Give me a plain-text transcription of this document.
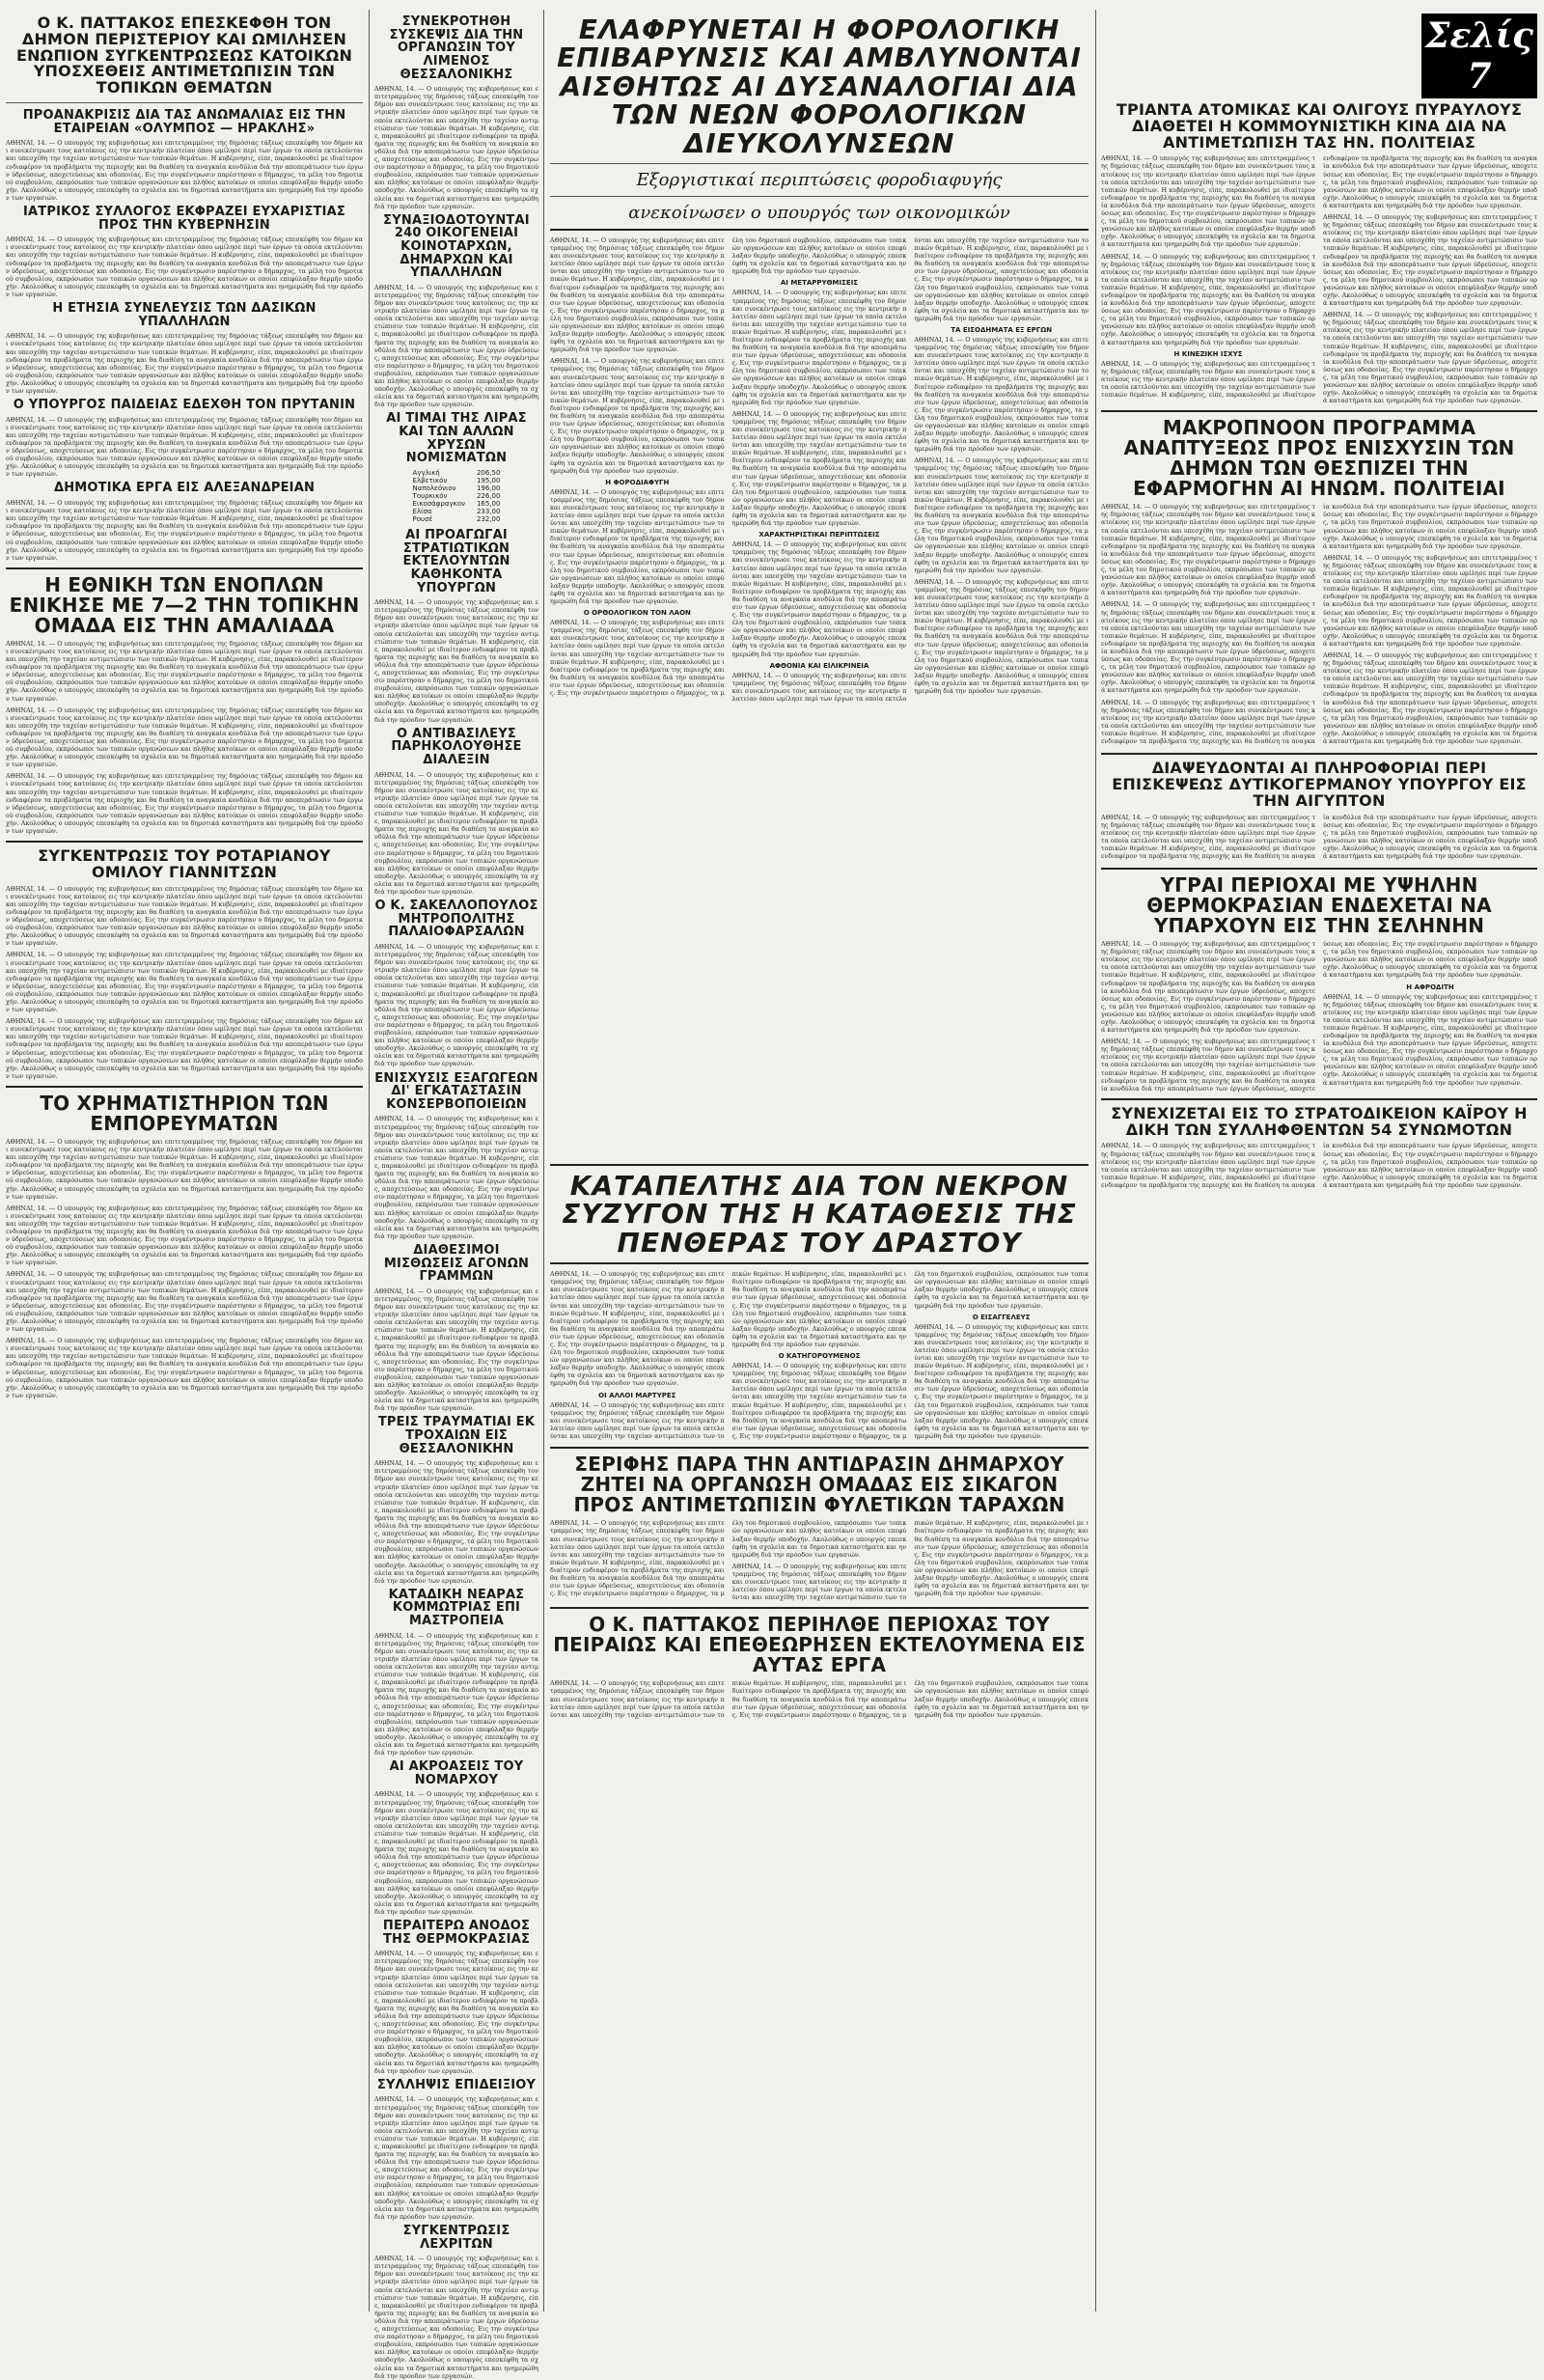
Ο Κ. ΠΑΤΤΑΚΟΣ ΕΠΕΣΚΕΦΘΗ ΤΟΝ ΔΗΜΟΝ ΠΕΡΙΣΤΕΡΙΟΥ ΚΑΙ ΩΜΙΛΗΣΕΝ ΕΝΩΠΙΟΝ ΣΥΓΚΕΝΤΡΩΣΕΩΣ ΚΑΤΟΙΚΩΝ ΥΠΟΣΧΕΘΕΙΣ ΑΝΤΙΜΕΤΩΠΙΣΙΝ ΤΩΝ ΤΟΠΙΚΩΝ ΘΕΜΑΤΩΝ
ΠΡΟΑΝΑΚΡΙΣΙΣ ΔΙΑ ΤΑΣ ΑΝΩΜΑΛΙΑΣ ΕΙΣ ΤΗΝ ΕΤΑΙΡΕΙΑΝ «ΟΛΥΜΠΟΣ — ΗΡΑΚΛΗΣ»

ΑΘΗΝΑΙ, 14. — Ο υπουργός της κυβερνήσεως και επιτετραμμένος της δημόσιας τάξεως επεσκέφθη τον δήμον και συνεκέντρωσε τους κατοίκους εις την κεντρικήν πλατείαν όπου ωμίλησε περί των έργων τα οποία εκτελούνται και υπεσχέθη την ταχείαν αντιμετώπισιν των τοπικών θεμάτων. Η κυβέρνησις, είπε, παρακολουθεί με ιδιαίτερον ενδιαφέρον τα προβλήματα της περιοχής και θα διαθέση τα αναγκαία κονδύλια διά την αποπεράτωσιν των έργων ύδρεύσεως, αποχετεύσεως και οδοποιίας. Εις την συγκέντρωσιν παρέστησαν ο δήμαρχος, τα μέλη του δημοτικού συμβουλίου, εκπρόσωποι των τοπικών οργανώσεων και πλήθος κατοίκων οι οποίοι επεφύλαξαν θερμήν υποδοχήν. Ακολούθως ο υπουργός επεσκέφθη τα σχολεία και τα δημοτικά καταστήματα και ηνημερώθη διά την πρόοδον των εργασιών.

ΙΑΤΡΙΚΟΣ ΣΥΛΛΟΓΟΣ ΕΚΦΡΑΖΕΙ ΕΥΧΑΡΙΣΤΙΑΣ ΠΡΟΣ ΤΗΝ ΚΥΒΕΡΝΗΣΙΝ

ΑΘΗΝΑΙ, 14. — Ο υπουργός της κυβερνήσεως και επιτετραμμένος της δημόσιας τάξεως επεσκέφθη τον δήμον και συνεκέντρωσε τους κατοίκους εις την κεντρικήν πλατείαν όπου ωμίλησε περί των έργων τα οποία εκτελούνται και υπεσχέθη την ταχείαν αντιμετώπισιν των τοπικών θεμάτων. Η κυβέρνησις, είπε, παρακολουθεί με ιδιαίτερον ενδιαφέρον τα προβλήματα της περιοχής και θα διαθέση τα αναγκαία κονδύλια διά την αποπεράτωσιν των έργων ύδρεύσεως, αποχετεύσεως και οδοποιίας. Εις την συγκέντρωσιν παρέστησαν ο δήμαρχος, τα μέλη του δημοτικού συμβουλίου, εκπρόσωποι των τοπικών οργανώσεων και πλήθος κατοίκων οι οποίοι επεφύλαξαν θερμήν υποδοχήν. Ακολούθως ο υπουργός επεσκέφθη τα σχολεία και τα δημοτικά καταστήματα και ηνημερώθη διά την πρόοδον των εργασιών.

Η ΕΤΗΣΙΑ ΣΥΝΕΛΕΥΣΙΣ ΤΩΝ ΔΑΣΙΚΩΝ ΥΠΑΛΛΗΛΩΝ

ΑΘΗΝΑΙ, 14. — Ο υπουργός της κυβερνήσεως και επιτετραμμένος της δημόσιας τάξεως επεσκέφθη τον δήμον και συνεκέντρωσε τους κατοίκους εις την κεντρικήν πλατείαν όπου ωμίλησε περί των έργων τα οποία εκτελούνται και υπεσχέθη την ταχείαν αντιμετώπισιν των τοπικών θεμάτων. Η κυβέρνησις, είπε, παρακολουθεί με ιδιαίτερον ενδιαφέρον τα προβλήματα της περιοχής και θα διαθέση τα αναγκαία κονδύλια διά την αποπεράτωσιν των έργων ύδρεύσεως, αποχετεύσεως και οδοποιίας. Εις την συγκέντρωσιν παρέστησαν ο δήμαρχος, τα μέλη του δημοτικού συμβουλίου, εκπρόσωποι των τοπικών οργανώσεων και πλήθος κατοίκων οι οποίοι επεφύλαξαν θερμήν υποδοχήν. Ακολούθως ο υπουργός επεσκέφθη τα σχολεία και τα δημοτικά καταστήματα και ηνημερώθη διά την πρόοδον των εργασιών.

Ο ΥΠΟΥΡΓΟΣ ΠΑΙΔΕΙΑΣ ΕΔΕΧΘΗ ΤΟΝ ΠΡΥΤΑΝΙΝ

ΑΘΗΝΑΙ, 14. — Ο υπουργός της κυβερνήσεως και επιτετραμμένος της δημόσιας τάξεως επεσκέφθη τον δήμον και συνεκέντρωσε τους κατοίκους εις την κεντρικήν πλατείαν όπου ωμίλησε περί των έργων τα οποία εκτελούνται και υπεσχέθη την ταχείαν αντιμετώπισιν των τοπικών θεμάτων. Η κυβέρνησις, είπε, παρακολουθεί με ιδιαίτερον ενδιαφέρον τα προβλήματα της περιοχής και θα διαθέση τα αναγκαία κονδύλια διά την αποπεράτωσιν των έργων ύδρεύσεως, αποχετεύσεως και οδοποιίας. Εις την συγκέντρωσιν παρέστησαν ο δήμαρχος, τα μέλη του δημοτικού συμβουλίου, εκπρόσωποι των τοπικών οργανώσεων και πλήθος κατοίκων οι οποίοι επεφύλαξαν θερμήν υποδοχήν. Ακολούθως ο υπουργός επεσκέφθη τα σχολεία και τα δημοτικά καταστήματα και ηνημερώθη διά την πρόοδον των εργασιών.

ΔΗΜΟΤΙΚΑ ΕΡΓΑ ΕΙΣ ΑΛΕΞΑΝΔΡΕΙΑΝ

ΑΘΗΝΑΙ, 14. — Ο υπουργός της κυβερνήσεως και επιτετραμμένος της δημόσιας τάξεως επεσκέφθη τον δήμον και συνεκέντρωσε τους κατοίκους εις την κεντρικήν πλατείαν όπου ωμίλησε περί των έργων τα οποία εκτελούνται και υπεσχέθη την ταχείαν αντιμετώπισιν των τοπικών θεμάτων. Η κυβέρνησις, είπε, παρακολουθεί με ιδιαίτερον ενδιαφέρον τα προβλήματα της περιοχής και θα διαθέση τα αναγκαία κονδύλια διά την αποπεράτωσιν των έργων ύδρεύσεως, αποχετεύσεως και οδοποιίας. Εις την συγκέντρωσιν παρέστησαν ο δήμαρχος, τα μέλη του δημοτικού συμβουλίου, εκπρόσωποι των τοπικών οργανώσεων και πλήθος κατοίκων οι οποίοι επεφύλαξαν θερμήν υποδοχήν. Ακολούθως ο υπουργός επεσκέφθη τα σχολεία και τα δημοτικά καταστήματα και ηνημερώθη διά την πρόοδον των εργασιών.

Η ΕΘΝΙΚΗ ΤΩΝ ΕΝΟΠΛΩΝ ΕΝΙΚΗΣΕ ΜΕ 7—2 ΤΗΝ ΤΟΠΙΚΗΝ ΟΜΑΔΑ ΕΙΣ ΤΗΝ ΑΜΑΛΙΑΔΑ

ΑΘΗΝΑΙ, 14. — Ο υπουργός της κυβερνήσεως και επιτετραμμένος της δημόσιας τάξεως επεσκέφθη τον δήμον και συνεκέντρωσε τους κατοίκους εις την κεντρικήν πλατείαν όπου ωμίλησε περί των έργων τα οποία εκτελούνται και υπεσχέθη την ταχείαν αντιμετώπισιν των τοπικών θεμάτων. Η κυβέρνησις, είπε, παρακολουθεί με ιδιαίτερον ενδιαφέρον τα προβλήματα της περιοχής και θα διαθέση τα αναγκαία κονδύλια διά την αποπεράτωσιν των έργων ύδρεύσεως, αποχετεύσεως και οδοποιίας. Εις την συγκέντρωσιν παρέστησαν ο δήμαρχος, τα μέλη του δημοτικού συμβουλίου, εκπρόσωποι των τοπικών οργανώσεων και πλήθος κατοίκων οι οποίοι επεφύλαξαν θερμήν υποδοχήν. Ακολούθως ο υπουργός επεσκέφθη τα σχολεία και τα δημοτικά καταστήματα και ηνημερώθη διά την πρόοδον των εργασιών.

ΑΘΗΝΑΙ, 14. — Ο υπουργός της κυβερνήσεως και επιτετραμμένος της δημόσιας τάξεως επεσκέφθη τον δήμον και συνεκέντρωσε τους κατοίκους εις την κεντρικήν πλατείαν όπου ωμίλησε περί των έργων τα οποία εκτελούνται και υπεσχέθη την ταχείαν αντιμετώπισιν των τοπικών θεμάτων. Η κυβέρνησις, είπε, παρακολουθεί με ιδιαίτερον ενδιαφέρον τα προβλήματα της περιοχής και θα διαθέση τα αναγκαία κονδύλια διά την αποπεράτωσιν των έργων ύδρεύσεως, αποχετεύσεως και οδοποιίας. Εις την συγκέντρωσιν παρέστησαν ο δήμαρχος, τα μέλη του δημοτικού συμβουλίου, εκπρόσωποι των τοπικών οργανώσεων και πλήθος κατοίκων οι οποίοι επεφύλαξαν θερμήν υποδοχήν. Ακολούθως ο υπουργός επεσκέφθη τα σχολεία και τα δημοτικά καταστήματα και ηνημερώθη διά την πρόοδον των εργασιών.

ΑΘΗΝΑΙ, 14. — Ο υπουργός της κυβερνήσεως και επιτετραμμένος της δημόσιας τάξεως επεσκέφθη τον δήμον και συνεκέντρωσε τους κατοίκους εις την κεντρικήν πλατείαν όπου ωμίλησε περί των έργων τα οποία εκτελούνται και υπεσχέθη την ταχείαν αντιμετώπισιν των τοπικών θεμάτων. Η κυβέρνησις, είπε, παρακολουθεί με ιδιαίτερον ενδιαφέρον τα προβλήματα της περιοχής και θα διαθέση τα αναγκαία κονδύλια διά την αποπεράτωσιν των έργων ύδρεύσεως, αποχετεύσεως και οδοποιίας. Εις την συγκέντρωσιν παρέστησαν ο δήμαρχος, τα μέλη του δημοτικού συμβουλίου, εκπρόσωποι των τοπικών οργανώσεων και πλήθος κατοίκων οι οποίοι επεφύλαξαν θερμήν υποδοχήν. Ακολούθως ο υπουργός επεσκέφθη τα σχολεία και τα δημοτικά καταστήματα και ηνημερώθη διά την πρόοδον των εργασιών.

ΣΥΓΚΕΝΤΡΩΣΙΣ ΤΟΥ ΡΟΤΑΡΙΑΝΟΥ ΟΜΙΛΟΥ ΓΙΑΝΝΙΤΣΩΝ

ΑΘΗΝΑΙ, 14. — Ο υπουργός της κυβερνήσεως και επιτετραμμένος της δημόσιας τάξεως επεσκέφθη τον δήμον και συνεκέντρωσε τους κατοίκους εις την κεντρικήν πλατείαν όπου ωμίλησε περί των έργων τα οποία εκτελούνται και υπεσχέθη την ταχείαν αντιμετώπισιν των τοπικών θεμάτων. Η κυβέρνησις, είπε, παρακολουθεί με ιδιαίτερον ενδιαφέρον τα προβλήματα της περιοχής και θα διαθέση τα αναγκαία κονδύλια διά την αποπεράτωσιν των έργων ύδρεύσεως, αποχετεύσεως και οδοποιίας. Εις την συγκέντρωσιν παρέστησαν ο δήμαρχος, τα μέλη του δημοτικού συμβουλίου, εκπρόσωποι των τοπικών οργανώσεων και πλήθος κατοίκων οι οποίοι επεφύλαξαν θερμήν υποδοχήν. Ακολούθως ο υπουργός επεσκέφθη τα σχολεία και τα δημοτικά καταστήματα και ηνημερώθη διά την πρόοδον των εργασιών.

ΑΘΗΝΑΙ, 14. — Ο υπουργός της κυβερνήσεως και επιτετραμμένος της δημόσιας τάξεως επεσκέφθη τον δήμον και συνεκέντρωσε τους κατοίκους εις την κεντρικήν πλατείαν όπου ωμίλησε περί των έργων τα οποία εκτελούνται και υπεσχέθη την ταχείαν αντιμετώπισιν των τοπικών θεμάτων. Η κυβέρνησις, είπε, παρακολουθεί με ιδιαίτερον ενδιαφέρον τα προβλήματα της περιοχής και θα διαθέση τα αναγκαία κονδύλια διά την αποπεράτωσιν των έργων ύδρεύσεως, αποχετεύσεως και οδοποιίας. Εις την συγκέντρωσιν παρέστησαν ο δήμαρχος, τα μέλη του δημοτικού συμβουλίου, εκπρόσωποι των τοπικών οργανώσεων και πλήθος κατοίκων οι οποίοι επεφύλαξαν θερμήν υποδοχήν. Ακολούθως ο υπουργός επεσκέφθη τα σχολεία και τα δημοτικά καταστήματα και ηνημερώθη διά την πρόοδον των εργασιών.

ΑΘΗΝΑΙ, 14. — Ο υπουργός της κυβερνήσεως και επιτετραμμένος της δημόσιας τάξεως επεσκέφθη τον δήμον και συνεκέντρωσε τους κατοίκους εις την κεντρικήν πλατείαν όπου ωμίλησε περί των έργων τα οποία εκτελούνται και υπεσχέθη την ταχείαν αντιμετώπισιν των τοπικών θεμάτων. Η κυβέρνησις, είπε, παρακολουθεί με ιδιαίτερον ενδιαφέρον τα προβλήματα της περιοχής και θα διαθέση τα αναγκαία κονδύλια διά την αποπεράτωσιν των έργων ύδρεύσεως, αποχετεύσεως και οδοποιίας. Εις την συγκέντρωσιν παρέστησαν ο δήμαρχος, τα μέλη του δημοτικού συμβουλίου, εκπρόσωποι των τοπικών οργανώσεων και πλήθος κατοίκων οι οποίοι επεφύλαξαν θερμήν υποδοχήν. Ακολούθως ο υπουργός επεσκέφθη τα σχολεία και τα δημοτικά καταστήματα και ηνημερώθη διά την πρόοδον των εργασιών.

ΤΟ ΧΡΗΜΑΤΙΣΤΗΡΙΟΝ ΤΩΝ ΕΜΠΟΡΕΥΜΑΤΩΝ

ΑΘΗΝΑΙ, 14. — Ο υπουργός της κυβερνήσεως και επιτετραμμένος της δημόσιας τάξεως επεσκέφθη τον δήμον και συνεκέντρωσε τους κατοίκους εις την κεντρικήν πλατείαν όπου ωμίλησε περί των έργων τα οποία εκτελούνται και υπεσχέθη την ταχείαν αντιμετώπισιν των τοπικών θεμάτων. Η κυβέρνησις, είπε, παρακολουθεί με ιδιαίτερον ενδιαφέρον τα προβλήματα της περιοχής και θα διαθέση τα αναγκαία κονδύλια διά την αποπεράτωσιν των έργων ύδρεύσεως, αποχετεύσεως και οδοποιίας. Εις την συγκέντρωσιν παρέστησαν ο δήμαρχος, τα μέλη του δημοτικού συμβουλίου, εκπρόσωποι των τοπικών οργανώσεων και πλήθος κατοίκων οι οποίοι επεφύλαξαν θερμήν υποδοχήν. Ακολούθως ο υπουργός επεσκέφθη τα σχολεία και τα δημοτικά καταστήματα και ηνημερώθη διά την πρόοδον των εργασιών.

ΑΘΗΝΑΙ, 14. — Ο υπουργός της κυβερνήσεως και επιτετραμμένος της δημόσιας τάξεως επεσκέφθη τον δήμον και συνεκέντρωσε τους κατοίκους εις την κεντρικήν πλατείαν όπου ωμίλησε περί των έργων τα οποία εκτελούνται και υπεσχέθη την ταχείαν αντιμετώπισιν των τοπικών θεμάτων. Η κυβέρνησις, είπε, παρακολουθεί με ιδιαίτερον ενδιαφέρον τα προβλήματα της περιοχής και θα διαθέση τα αναγκαία κονδύλια διά την αποπεράτωσιν των έργων ύδρεύσεως, αποχετεύσεως και οδοποιίας. Εις την συγκέντρωσιν παρέστησαν ο δήμαρχος, τα μέλη του δημοτικού συμβουλίου, εκπρόσωποι των τοπικών οργανώσεων και πλήθος κατοίκων οι οποίοι επεφύλαξαν θερμήν υποδοχήν. Ακολούθως ο υπουργός επεσκέφθη τα σχολεία και τα δημοτικά καταστήματα και ηνημερώθη διά την πρόοδον των εργασιών.

ΑΘΗΝΑΙ, 14. — Ο υπουργός της κυβερνήσεως και επιτετραμμένος της δημόσιας τάξεως επεσκέφθη τον δήμον και συνεκέντρωσε τους κατοίκους εις την κεντρικήν πλατείαν όπου ωμίλησε περί των έργων τα οποία εκτελούνται και υπεσχέθη την ταχείαν αντιμετώπισιν των τοπικών θεμάτων. Η κυβέρνησις, είπε, παρακολουθεί με ιδιαίτερον ενδιαφέρον τα προβλήματα της περιοχής και θα διαθέση τα αναγκαία κονδύλια διά την αποπεράτωσιν των έργων ύδρεύσεως, αποχετεύσεως και οδοποιίας. Εις την συγκέντρωσιν παρέστησαν ο δήμαρχος, τα μέλη του δημοτικού συμβουλίου, εκπρόσωποι των τοπικών οργανώσεων και πλήθος κατοίκων οι οποίοι επεφύλαξαν θερμήν υποδοχήν. Ακολούθως ο υπουργός επεσκέφθη τα σχολεία και τα δημοτικά καταστήματα και ηνημερώθη διά την πρόοδον των εργασιών.

ΑΘΗΝΑΙ, 14. — Ο υπουργός της κυβερνήσεως και επιτετραμμένος της δημόσιας τάξεως επεσκέφθη τον δήμον και συνεκέντρωσε τους κατοίκους εις την κεντρικήν πλατείαν όπου ωμίλησε περί των έργων τα οποία εκτελούνται και υπεσχέθη την ταχείαν αντιμετώπισιν των τοπικών θεμάτων. Η κυβέρνησις, είπε, παρακολουθεί με ιδιαίτερον ενδιαφέρον τα προβλήματα της περιοχής και θα διαθέση τα αναγκαία κονδύλια διά την αποπεράτωσιν των έργων ύδρεύσεως, αποχετεύσεως και οδοποιίας. Εις την συγκέντρωσιν παρέστησαν ο δήμαρχος, τα μέλη του δημοτικού συμβουλίου, εκπρόσωποι των τοπικών οργανώσεων και πλήθος κατοίκων οι οποίοι επεφύλαξαν θερμήν υποδοχήν. Ακολούθως ο υπουργός επεσκέφθη τα σχολεία και τα δημοτικά καταστήματα και ηνημερώθη διά την πρόοδον των εργασιών.

ΣΥΝΕΚΡΟΤΗΘΗ ΣΥΣΚΕΨΙΣ ΔΙΑ ΤΗΝ ΟΡΓΑΝΩΣΙΝ ΤΟΥ ΛΙΜΕΝΟΣ ΘΕΣΣΑΛΟΝΙΚΗΣ

ΑΘΗΝΑΙ, 14. — Ο υπουργός της κυβερνήσεως και επιτετραμμένος της δημόσιας τάξεως επεσκέφθη τον δήμον και συνεκέντρωσε τους κατοίκους εις την κεντρικήν πλατείαν όπου ωμίλησε περί των έργων τα οποία εκτελούνται και υπεσχέθη την ταχείαν αντιμετώπισιν των τοπικών θεμάτων. Η κυβέρνησις, είπε, παρακολουθεί με ιδιαίτερον ενδιαφέρον τα προβλήματα της περιοχής και θα διαθέση τα αναγκαία κονδύλια διά την αποπεράτωσιν των έργων ύδρεύσεως, αποχετεύσεως και οδοποιίας. Εις την συγκέντρωσιν παρέστησαν ο δήμαρχος, τα μέλη του δημοτικού συμβουλίου, εκπρόσωποι των τοπικών οργανώσεων και πλήθος κατοίκων οι οποίοι επεφύλαξαν θερμήν υποδοχήν. Ακολούθως ο υπουργός επεσκέφθη τα σχολεία και τα δημοτικά καταστήματα και ηνημερώθη διά την πρόοδον των εργασιών.

ΣΥΝΑΞΙΟΔΟΤΟΥΝΤΑΙ 240 ΟΙΚΟΓΕΝΕΙΑΙ ΚΟΙΝΟΤΑΡΧΩΝ, ΔΗΜΑΡΧΩΝ ΚΑΙ ΥΠΑΛΛΗΛΩΝ

ΑΘΗΝΑΙ, 14. — Ο υπουργός της κυβερνήσεως και επιτετραμμένος της δημόσιας τάξεως επεσκέφθη τον δήμον και συνεκέντρωσε τους κατοίκους εις την κεντρικήν πλατείαν όπου ωμίλησε περί των έργων τα οποία εκτελούνται και υπεσχέθη την ταχείαν αντιμετώπισιν των τοπικών θεμάτων. Η κυβέρνησις, είπε, παρακολουθεί με ιδιαίτερον ενδιαφέρον τα προβλήματα της περιοχής και θα διαθέση τα αναγκαία κονδύλια διά την αποπεράτωσιν των έργων ύδρεύσεως, αποχετεύσεως και οδοποιίας. Εις την συγκέντρωσιν παρέστησαν ο δήμαρχος, τα μέλη του δημοτικού συμβουλίου, εκπρόσωποι των τοπικών οργανώσεων και πλήθος κατοίκων οι οποίοι επεφύλαξαν θερμήν υποδοχήν. Ακολούθως ο υπουργός επεσκέφθη τα σχολεία και τα δημοτικά καταστήματα και ηνημερώθη διά την πρόοδον των εργασιών.

ΑΙ ΤΙΜΑΙ ΤΗΣ ΛΙΡΑΣ ΚΑΙ ΤΩΝ ΑΛΛΩΝ ΧΡΥΣΩΝ ΝΟΜΙΣΜΑΤΩΝ
Αγγλική	206,50
Ελβετικόν	195,00
Ναπολεόνιον	196,00
Τουρκικόν	226,00
Εικοσάφραγκον	165,00
Ελίσα	233,00
Ρουσέ	232,00
ΑΙ ΠΡΟΑΓΩΓΑΙ ΣΤΡΑΤΙΩΤΙΚΩΝ ΕΚΤΕΛΟΥΝΤΩΝ ΚΑΘΗΚΟΝΤΑ ΥΠΟΥΡΓΩΝ

ΑΘΗΝΑΙ, 14. — Ο υπουργός της κυβερνήσεως και επιτετραμμένος της δημόσιας τάξεως επεσκέφθη τον δήμον και συνεκέντρωσε τους κατοίκους εις την κεντρικήν πλατείαν όπου ωμίλησε περί των έργων τα οποία εκτελούνται και υπεσχέθη την ταχείαν αντιμετώπισιν των τοπικών θεμάτων. Η κυβέρνησις, είπε, παρακολουθεί με ιδιαίτερον ενδιαφέρον τα προβλήματα της περιοχής και θα διαθέση τα αναγκαία κονδύλια διά την αποπεράτωσιν των έργων ύδρεύσεως, αποχετεύσεως και οδοποιίας. Εις την συγκέντρωσιν παρέστησαν ο δήμαρχος, τα μέλη του δημοτικού συμβουλίου, εκπρόσωποι των τοπικών οργανώσεων και πλήθος κατοίκων οι οποίοι επεφύλαξαν θερμήν υποδοχήν. Ακολούθως ο υπουργός επεσκέφθη τα σχολεία και τα δημοτικά καταστήματα και ηνημερώθη διά την πρόοδον των εργασιών.

Ο ΑΝΤΙΒΑΣΙΛΕΥΣ ΠΑΡΗΚΟΛΟΥΘΗΣΕ ΔΙΑΛΕΞΙΝ

ΑΘΗΝΑΙ, 14. — Ο υπουργός της κυβερνήσεως και επιτετραμμένος της δημόσιας τάξεως επεσκέφθη τον δήμον και συνεκέντρωσε τους κατοίκους εις την κεντρικήν πλατείαν όπου ωμίλησε περί των έργων τα οποία εκτελούνται και υπεσχέθη την ταχείαν αντιμετώπισιν των τοπικών θεμάτων. Η κυβέρνησις, είπε, παρακολουθεί με ιδιαίτερον ενδιαφέρον τα προβλήματα της περιοχής και θα διαθέση τα αναγκαία κονδύλια διά την αποπεράτωσιν των έργων ύδρεύσεως, αποχετεύσεως και οδοποιίας. Εις την συγκέντρωσιν παρέστησαν ο δήμαρχος, τα μέλη του δημοτικού συμβουλίου, εκπρόσωποι των τοπικών οργανώσεων και πλήθος κατοίκων οι οποίοι επεφύλαξαν θερμήν υποδοχήν. Ακολούθως ο υπουργός επεσκέφθη τα σχολεία και τα δημοτικά καταστήματα και ηνημερώθη διά την πρόοδον των εργασιών.

Ο Κ. ΣΑΚΕΛΛΟΠΟΥΛΟΣ ΜΗΤΡΟΠΟΛΙΤΗΣ ΠΑΛΑΙΟΦΑΡΣΑΛΩΝ

ΑΘΗΝΑΙ, 14. — Ο υπουργός της κυβερνήσεως και επιτετραμμένος της δημόσιας τάξεως επεσκέφθη τον δήμον και συνεκέντρωσε τους κατοίκους εις την κεντρικήν πλατείαν όπου ωμίλησε περί των έργων τα οποία εκτελούνται και υπεσχέθη την ταχείαν αντιμετώπισιν των τοπικών θεμάτων. Η κυβέρνησις, είπε, παρακολουθεί με ιδιαίτερον ενδιαφέρον τα προβλήματα της περιοχής και θα διαθέση τα αναγκαία κονδύλια διά την αποπεράτωσιν των έργων ύδρεύσεως, αποχετεύσεως και οδοποιίας. Εις την συγκέντρωσιν παρέστησαν ο δήμαρχος, τα μέλη του δημοτικού συμβουλίου, εκπρόσωποι των τοπικών οργανώσεων και πλήθος κατοίκων οι οποίοι επεφύλαξαν θερμήν υποδοχήν. Ακολούθως ο υπουργός επεσκέφθη τα σχολεία και τα δημοτικά καταστήματα και ηνημερώθη διά την πρόοδον των εργασιών.

ΕΝΙΣΧΥΣΙΣ ΕΞΑΓΩΓΕΩΝ ΔΙ' ΕΓΚΑΤΑΣΤΑΣΙΝ ΚΟΝΣΕΡΒΟΠΟΙΕΙΩΝ

ΑΘΗΝΑΙ, 14. — Ο υπουργός της κυβερνήσεως και επιτετραμμένος της δημόσιας τάξεως επεσκέφθη τον δήμον και συνεκέντρωσε τους κατοίκους εις την κεντρικήν πλατείαν όπου ωμίλησε περί των έργων τα οποία εκτελούνται και υπεσχέθη την ταχείαν αντιμετώπισιν των τοπικών θεμάτων. Η κυβέρνησις, είπε, παρακολουθεί με ιδιαίτερον ενδιαφέρον τα προβλήματα της περιοχής και θα διαθέση τα αναγκαία κονδύλια διά την αποπεράτωσιν των έργων ύδρεύσεως, αποχετεύσεως και οδοποιίας. Εις την συγκέντρωσιν παρέστησαν ο δήμαρχος, τα μέλη του δημοτικού συμβουλίου, εκπρόσωποι των τοπικών οργανώσεων και πλήθος κατοίκων οι οποίοι επεφύλαξαν θερμήν υποδοχήν. Ακολούθως ο υπουργός επεσκέφθη τα σχολεία και τα δημοτικά καταστήματα και ηνημερώθη διά την πρόοδον των εργασιών.

ΔΙΑΘΕΣΙΜΟΙ ΜΙΣΘΩΣΕΙΣ ΑΓΟΝΩΝ ΓΡΑΜΜΩΝ

ΑΘΗΝΑΙ, 14. — Ο υπουργός της κυβερνήσεως και επιτετραμμένος της δημόσιας τάξεως επεσκέφθη τον δήμον και συνεκέντρωσε τους κατοίκους εις την κεντρικήν πλατείαν όπου ωμίλησε περί των έργων τα οποία εκτελούνται και υπεσχέθη την ταχείαν αντιμετώπισιν των τοπικών θεμάτων. Η κυβέρνησις, είπε, παρακολουθεί με ιδιαίτερον ενδιαφέρον τα προβλήματα της περιοχής και θα διαθέση τα αναγκαία κονδύλια διά την αποπεράτωσιν των έργων ύδρεύσεως, αποχετεύσεως και οδοποιίας. Εις την συγκέντρωσιν παρέστησαν ο δήμαρχος, τα μέλη του δημοτικού συμβουλίου, εκπρόσωποι των τοπικών οργανώσεων και πλήθος κατοίκων οι οποίοι επεφύλαξαν θερμήν υποδοχήν. Ακολούθως ο υπουργός επεσκέφθη τα σχολεία και τα δημοτικά καταστήματα και ηνημερώθη διά την πρόοδον των εργασιών.

ΤΡΕΙΣ ΤΡΑΥΜΑΤΙΑΙ ΕΚ ΤΡΟΧΑΙΩΝ ΕΙΣ ΘΕΣΣΑΛΟΝΙΚΗΝ

ΑΘΗΝΑΙ, 14. — Ο υπουργός της κυβερνήσεως και επιτετραμμένος της δημόσιας τάξεως επεσκέφθη τον δήμον και συνεκέντρωσε τους κατοίκους εις την κεντρικήν πλατείαν όπου ωμίλησε περί των έργων τα οποία εκτελούνται και υπεσχέθη την ταχείαν αντιμετώπισιν των τοπικών θεμάτων. Η κυβέρνησις, είπε, παρακολουθεί με ιδιαίτερον ενδιαφέρον τα προβλήματα της περιοχής και θα διαθέση τα αναγκαία κονδύλια διά την αποπεράτωσιν των έργων ύδρεύσεως, αποχετεύσεως και οδοποιίας. Εις την συγκέντρωσιν παρέστησαν ο δήμαρχος, τα μέλη του δημοτικού συμβουλίου, εκπρόσωποι των τοπικών οργανώσεων και πλήθος κατοίκων οι οποίοι επεφύλαξαν θερμήν υποδοχήν. Ακολούθως ο υπουργός επεσκέφθη τα σχολεία και τα δημοτικά καταστήματα και ηνημερώθη διά την πρόοδον των εργασιών.

ΚΑΤΑΔΙΚΗ ΝΕΑΡΑΣ ΚΟΜΜΩΤΡΙΑΣ ΕΠΙ ΜΑΣΤΡΟΠΕΙΑ

ΑΘΗΝΑΙ, 14. — Ο υπουργός της κυβερνήσεως και επιτετραμμένος της δημόσιας τάξεως επεσκέφθη τον δήμον και συνεκέντρωσε τους κατοίκους εις την κεντρικήν πλατείαν όπου ωμίλησε περί των έργων τα οποία εκτελούνται και υπεσχέθη την ταχείαν αντιμετώπισιν των τοπικών θεμάτων. Η κυβέρνησις, είπε, παρακολουθεί με ιδιαίτερον ενδιαφέρον τα προβλήματα της περιοχής και θα διαθέση τα αναγκαία κονδύλια διά την αποπεράτωσιν των έργων ύδρεύσεως, αποχετεύσεως και οδοποιίας. Εις την συγκέντρωσιν παρέστησαν ο δήμαρχος, τα μέλη του δημοτικού συμβουλίου, εκπρόσωποι των τοπικών οργανώσεων και πλήθος κατοίκων οι οποίοι επεφύλαξαν θερμήν υποδοχήν. Ακολούθως ο υπουργός επεσκέφθη τα σχολεία και τα δημοτικά καταστήματα και ηνημερώθη διά την πρόοδον των εργασιών.

ΑΙ ΑΚΡΟΑΣΕΙΣ ΤΟΥ ΝΟΜΑΡΧΟΥ

ΑΘΗΝΑΙ, 14. — Ο υπουργός της κυβερνήσεως και επιτετραμμένος της δημόσιας τάξεως επεσκέφθη τον δήμον και συνεκέντρωσε τους κατοίκους εις την κεντρικήν πλατείαν όπου ωμίλησε περί των έργων τα οποία εκτελούνται και υπεσχέθη την ταχείαν αντιμετώπισιν των τοπικών θεμάτων. Η κυβέρνησις, είπε, παρακολουθεί με ιδιαίτερον ενδιαφέρον τα προβλήματα της περιοχής και θα διαθέση τα αναγκαία κονδύλια διά την αποπεράτωσιν των έργων ύδρεύσεως, αποχετεύσεως και οδοποιίας. Εις την συγκέντρωσιν παρέστησαν ο δήμαρχος, τα μέλη του δημοτικού συμβουλίου, εκπρόσωποι των τοπικών οργανώσεων και πλήθος κατοίκων οι οποίοι επεφύλαξαν θερμήν υποδοχήν. Ακολούθως ο υπουργός επεσκέφθη τα σχολεία και τα δημοτικά καταστήματα και ηνημερώθη διά την πρόοδον των εργασιών.

ΠΕΡΑΙΤΕΡΩ ΑΝΟΔΟΣ ΤΗΣ ΘΕΡΜΟΚΡΑΣΙΑΣ

ΑΘΗΝΑΙ, 14. — Ο υπουργός της κυβερνήσεως και επιτετραμμένος της δημόσιας τάξεως επεσκέφθη τον δήμον και συνεκέντρωσε τους κατοίκους εις την κεντρικήν πλατείαν όπου ωμίλησε περί των έργων τα οποία εκτελούνται και υπεσχέθη την ταχείαν αντιμετώπισιν των τοπικών θεμάτων. Η κυβέρνησις, είπε, παρακολουθεί με ιδιαίτερον ενδιαφέρον τα προβλήματα της περιοχής και θα διαθέση τα αναγκαία κονδύλια διά την αποπεράτωσιν των έργων ύδρεύσεως, αποχετεύσεως και οδοποιίας. Εις την συγκέντρωσιν παρέστησαν ο δήμαρχος, τα μέλη του δημοτικού συμβουλίου, εκπρόσωποι των τοπικών οργανώσεων και πλήθος κατοίκων οι οποίοι επεφύλαξαν θερμήν υποδοχήν. Ακολούθως ο υπουργός επεσκέφθη τα σχολεία και τα δημοτικά καταστήματα και ηνημερώθη διά την πρόοδον των εργασιών.

ΣΥΛΛΗΨΙΣ ΕΠΙΔΕΙΞΙΟΥ

ΑΘΗΝΑΙ, 14. — Ο υπουργός της κυβερνήσεως και επιτετραμμένος της δημόσιας τάξεως επεσκέφθη τον δήμον και συνεκέντρωσε τους κατοίκους εις την κεντρικήν πλατείαν όπου ωμίλησε περί των έργων τα οποία εκτελούνται και υπεσχέθη την ταχείαν αντιμετώπισιν των τοπικών θεμάτων. Η κυβέρνησις, είπε, παρακολουθεί με ιδιαίτερον ενδιαφέρον τα προβλήματα της περιοχής και θα διαθέση τα αναγκαία κονδύλια διά την αποπεράτωσιν των έργων ύδρεύσεως, αποχετεύσεως και οδοποιίας. Εις την συγκέντρωσιν παρέστησαν ο δήμαρχος, τα μέλη του δημοτικού συμβουλίου, εκπρόσωποι των τοπικών οργανώσεων και πλήθος κατοίκων οι οποίοι επεφύλαξαν θερμήν υποδοχήν. Ακολούθως ο υπουργός επεσκέφθη τα σχολεία και τα δημοτικά καταστήματα και ηνημερώθη διά την πρόοδον των εργασιών.

ΣΥΓΚΕΝΤΡΩΣΙΣ ΛΕΧΡΙΤΩΝ

ΑΘΗΝΑΙ, 14. — Ο υπουργός της κυβερνήσεως και επιτετραμμένος της δημόσιας τάξεως επεσκέφθη τον δήμον και συνεκέντρωσε τους κατοίκους εις την κεντρικήν πλατείαν όπου ωμίλησε περί των έργων τα οποία εκτελούνται και υπεσχέθη την ταχείαν αντιμετώπισιν των τοπικών θεμάτων. Η κυβέρνησις, είπε, παρακολουθεί με ιδιαίτερον ενδιαφέρον τα προβλήματα της περιοχής και θα διαθέση τα αναγκαία κονδύλια διά την αποπεράτωσιν των έργων ύδρεύσεως, αποχετεύσεως και οδοποιίας. Εις την συγκέντρωσιν παρέστησαν ο δήμαρχος, τα μέλη του δημοτικού συμβουλίου, εκπρόσωποι των τοπικών οργανώσεων και πλήθος κατοίκων οι οποίοι επεφύλαξαν θερμήν υποδοχήν. Ακολούθως ο υπουργός επεσκέφθη τα σχολεία και τα δημοτικά καταστήματα και ηνημερώθη διά την πρόοδον των εργασιών.

ΕΛΑΦΡΥΝΕΤΑΙ Η ΦΟΡΟΛΟΓΙΚΗ ΕΠΙΒΑΡΥΝΣΙΣ ΚΑΙ ΑΜΒΛΥΝΟΝΤΑΙ ΑΙΣΘΗΤΩΣ ΑΙ ΔΥΣΑΝΑΛΟΓΙΑΙ ΔΙΑ ΤΩΝ ΝΕΩΝ ΦΟΡΟΛΟΓΙΚΩΝ ΔΙΕΥΚΟΛΥΝΣΕΩΝ
Εξοργιστικαί περιπτώσεις φοροδιαφυγής
ανεκοίνωσεν ο υπουργός των οικονομικών

ΑΘΗΝΑΙ, 14. — Ο υπουργός της κυβερνήσεως και επιτετραμμένος της δημόσιας τάξεως επεσκέφθη τον δήμον και συνεκέντρωσε τους κατοίκους εις την κεντρικήν πλατείαν όπου ωμίλησε περί των έργων τα οποία εκτελούνται και υπεσχέθη την ταχείαν αντιμετώπισιν των τοπικών θεμάτων. Η κυβέρνησις, είπε, παρακολουθεί με ιδιαίτερον ενδιαφέρον τα προβλήματα της περιοχής και θα διαθέση τα αναγκαία κονδύλια διά την αποπεράτωσιν των έργων ύδρεύσεως, αποχετεύσεως και οδοποιίας. Εις την συγκέντρωσιν παρέστησαν ο δήμαρχος, τα μέλη του δημοτικού συμβουλίου, εκπρόσωποι των τοπικών οργανώσεων και πλήθος κατοίκων οι οποίοι επεφύλαξαν θερμήν υποδοχήν. Ακολούθως ο υπουργός επεσκέφθη τα σχολεία και τα δημοτικά καταστήματα και ηνημερώθη διά την πρόοδον των εργασιών.

ΑΘΗΝΑΙ, 14. — Ο υπουργός της κυβερνήσεως και επιτετραμμένος της δημόσιας τάξεως επεσκέφθη τον δήμον και συνεκέντρωσε τους κατοίκους εις την κεντρικήν πλατείαν όπου ωμίλησε περί των έργων τα οποία εκτελούνται και υπεσχέθη την ταχείαν αντιμετώπισιν των τοπικών θεμάτων. Η κυβέρνησις, είπε, παρακολουθεί με ιδιαίτερον ενδιαφέρον τα προβλήματα της περιοχής και θα διαθέση τα αναγκαία κονδύλια διά την αποπεράτωσιν των έργων ύδρεύσεως, αποχετεύσεως και οδοποιίας. Εις την συγκέντρωσιν παρέστησαν ο δήμαρχος, τα μέλη του δημοτικού συμβουλίου, εκπρόσωποι των τοπικών οργανώσεων και πλήθος κατοίκων οι οποίοι επεφύλαξαν θερμήν υποδοχήν. Ακολούθως ο υπουργός επεσκέφθη τα σχολεία και τα δημοτικά καταστήματα και ηνημερώθη διά την πρόοδον των εργασιών.

Η ΦΟΡΟΔΙΑΦΥΓΗ

ΑΘΗΝΑΙ, 14. — Ο υπουργός της κυβερνήσεως και επιτετραμμένος της δημόσιας τάξεως επεσκέφθη τον δήμον και συνεκέντρωσε τους κατοίκους εις την κεντρικήν πλατείαν όπου ωμίλησε περί των έργων τα οποία εκτελούνται και υπεσχέθη την ταχείαν αντιμετώπισιν των τοπικών θεμάτων. Η κυβέρνησις, είπε, παρακολουθεί με ιδιαίτερον ενδιαφέρον τα προβλήματα της περιοχής και θα διαθέση τα αναγκαία κονδύλια διά την αποπεράτωσιν των έργων ύδρεύσεως, αποχετεύσεως και οδοποιίας. Εις την συγκέντρωσιν παρέστησαν ο δήμαρχος, τα μέλη του δημοτικού συμβουλίου, εκπρόσωποι των τοπικών οργανώσεων και πλήθος κατοίκων οι οποίοι επεφύλαξαν θερμήν υποδοχήν. Ακολούθως ο υπουργός επεσκέφθη τα σχολεία και τα δημοτικά καταστήματα και ηνημερώθη διά την πρόοδον των εργασιών.

Ο ΟΡΘΟΛΟΓΙΚΟΝ ΤΟΝ ΛΑΟΝ

ΑΘΗΝΑΙ, 14. — Ο υπουργός της κυβερνήσεως και επιτετραμμένος της δημόσιας τάξεως επεσκέφθη τον δήμον και συνεκέντρωσε τους κατοίκους εις την κεντρικήν πλατείαν όπου ωμίλησε περί των έργων τα οποία εκτελούνται και υπεσχέθη την ταχείαν αντιμετώπισιν των τοπικών θεμάτων. Η κυβέρνησις, είπε, παρακολουθεί με ιδιαίτερον ενδιαφέρον τα προβλήματα της περιοχής και θα διαθέση τα αναγκαία κονδύλια διά την αποπεράτωσιν των έργων ύδρεύσεως, αποχετεύσεως και οδοποιίας. Εις την συγκέντρωσιν παρέστησαν ο δήμαρχος, τα μέλη του δημοτικού συμβουλίου, εκπρόσωποι των τοπικών οργανώσεων και πλήθος κατοίκων οι οποίοι επεφύλαξαν θερμήν υποδοχήν. Ακολούθως ο υπουργός επεσκέφθη τα σχολεία και τα δημοτικά καταστήματα και ηνημερώθη διά την πρόοδον των εργασιών.

ΑΙ ΜΕΤΑΡΡΥΘΜΙΣΕΙΣ

ΑΘΗΝΑΙ, 14. — Ο υπουργός της κυβερνήσεως και επιτετραμμένος της δημόσιας τάξεως επεσκέφθη τον δήμον και συνεκέντρωσε τους κατοίκους εις την κεντρικήν πλατείαν όπου ωμίλησε περί των έργων τα οποία εκτελούνται και υπεσχέθη την ταχείαν αντιμετώπισιν των τοπικών θεμάτων. Η κυβέρνησις, είπε, παρακολουθεί με ιδιαίτερον ενδιαφέρον τα προβλήματα της περιοχής και θα διαθέση τα αναγκαία κονδύλια διά την αποπεράτωσιν των έργων ύδρεύσεως, αποχετεύσεως και οδοποιίας. Εις την συγκέντρωσιν παρέστησαν ο δήμαρχος, τα μέλη του δημοτικού συμβουλίου, εκπρόσωποι των τοπικών οργανώσεων και πλήθος κατοίκων οι οποίοι επεφύλαξαν θερμήν υποδοχήν. Ακολούθως ο υπουργός επεσκέφθη τα σχολεία και τα δημοτικά καταστήματα και ηνημερώθη διά την πρόοδον των εργασιών.

ΑΘΗΝΑΙ, 14. — Ο υπουργός της κυβερνήσεως και επιτετραμμένος της δημόσιας τάξεως επεσκέφθη τον δήμον και συνεκέντρωσε τους κατοίκους εις την κεντρικήν πλατείαν όπου ωμίλησε περί των έργων τα οποία εκτελούνται και υπεσχέθη την ταχείαν αντιμετώπισιν των τοπικών θεμάτων. Η κυβέρνησις, είπε, παρακολουθεί με ιδιαίτερον ενδιαφέρον τα προβλήματα της περιοχής και θα διαθέση τα αναγκαία κονδύλια διά την αποπεράτωσιν των έργων ύδρεύσεως, αποχετεύσεως και οδοποιίας. Εις την συγκέντρωσιν παρέστησαν ο δήμαρχος, τα μέλη του δημοτικού συμβουλίου, εκπρόσωποι των τοπικών οργανώσεων και πλήθος κατοίκων οι οποίοι επεφύλαξαν θερμήν υποδοχήν. Ακολούθως ο υπουργός επεσκέφθη τα σχολεία και τα δημοτικά καταστήματα και ηνημερώθη διά την πρόοδον των εργασιών.

ΧΑΡΑΚΤΗΡΙΣΤΙΚΑΙ ΠΕΡΙΠΤΩΣΕΙΣ

ΑΘΗΝΑΙ, 14. — Ο υπουργός της κυβερνήσεως και επιτετραμμένος της δημόσιας τάξεως επεσκέφθη τον δήμον και συνεκέντρωσε τους κατοίκους εις την κεντρικήν πλατείαν όπου ωμίλησε περί των έργων τα οποία εκτελούνται και υπεσχέθη την ταχείαν αντιμετώπισιν των τοπικών θεμάτων. Η κυβέρνησις, είπε, παρακολουθεί με ιδιαίτερον ενδιαφέρον τα προβλήματα της περιοχής και θα διαθέση τα αναγκαία κονδύλια διά την αποπεράτωσιν των έργων ύδρεύσεως, αποχετεύσεως και οδοποιίας. Εις την συγκέντρωσιν παρέστησαν ο δήμαρχος, τα μέλη του δημοτικού συμβουλίου, εκπρόσωποι των τοπικών οργανώσεων και πλήθος κατοίκων οι οποίοι επεφύλαξαν θερμήν υποδοχήν. Ακολούθως ο υπουργός επεσκέφθη τα σχολεία και τα δημοτικά καταστήματα και ηνημερώθη διά την πρόοδον των εργασιών.

ΑΦΘΟΝΙΑ ΚΑΙ ΕΙΛΙΚΡΙΝΕΙΑ

ΑΘΗΝΑΙ, 14. — Ο υπουργός της κυβερνήσεως και επιτετραμμένος της δημόσιας τάξεως επεσκέφθη τον δήμον και συνεκέντρωσε τους κατοίκους εις την κεντρικήν πλατείαν όπου ωμίλησε περί των έργων τα οποία εκτελούνται και υπεσχέθη την ταχείαν αντιμετώπισιν των τοπικών θεμάτων. Η κυβέρνησις, είπε, παρακολουθεί με ιδιαίτερον ενδιαφέρον τα προβλήματα της περιοχής και θα διαθέση τα αναγκαία κονδύλια διά την αποπεράτωσιν των έργων ύδρεύσεως, αποχετεύσεως και οδοποιίας. Εις την συγκέντρωσιν παρέστησαν ο δήμαρχος, τα μέλη του δημοτικού συμβουλίου, εκπρόσωποι των τοπικών οργανώσεων και πλήθος κατοίκων οι οποίοι επεφύλαξαν θερμήν υποδοχήν. Ακολούθως ο υπουργός επεσκέφθη τα σχολεία και τα δημοτικά καταστήματα και ηνημερώθη διά την πρόοδον των εργασιών.

ΤΑ ΕΙΣΟΔΗΜΑΤΑ ΕΞ ΕΡΓΩΝ

ΑΘΗΝΑΙ, 14. — Ο υπουργός της κυβερνήσεως και επιτετραμμένος της δημόσιας τάξεως επεσκέφθη τον δήμον και συνεκέντρωσε τους κατοίκους εις την κεντρικήν πλατείαν όπου ωμίλησε περί των έργων τα οποία εκτελούνται και υπεσχέθη την ταχείαν αντιμετώπισιν των τοπικών θεμάτων. Η κυβέρνησις, είπε, παρακολουθεί με ιδιαίτερον ενδιαφέρον τα προβλήματα της περιοχής και θα διαθέση τα αναγκαία κονδύλια διά την αποπεράτωσιν των έργων ύδρεύσεως, αποχετεύσεως και οδοποιίας. Εις την συγκέντρωσιν παρέστησαν ο δήμαρχος, τα μέλη του δημοτικού συμβουλίου, εκπρόσωποι των τοπικών οργανώσεων και πλήθος κατοίκων οι οποίοι επεφύλαξαν θερμήν υποδοχήν. Ακολούθως ο υπουργός επεσκέφθη τα σχολεία και τα δημοτικά καταστήματα και ηνημερώθη διά την πρόοδον των εργασιών.

ΑΘΗΝΑΙ, 14. — Ο υπουργός της κυβερνήσεως και επιτετραμμένος της δημόσιας τάξεως επεσκέφθη τον δήμον και συνεκέντρωσε τους κατοίκους εις την κεντρικήν πλατείαν όπου ωμίλησε περί των έργων τα οποία εκτελούνται και υπεσχέθη την ταχείαν αντιμετώπισιν των τοπικών θεμάτων. Η κυβέρνησις, είπε, παρακολουθεί με ιδιαίτερον ενδιαφέρον τα προβλήματα της περιοχής και θα διαθέση τα αναγκαία κονδύλια διά την αποπεράτωσιν των έργων ύδρεύσεως, αποχετεύσεως και οδοποιίας. Εις την συγκέντρωσιν παρέστησαν ο δήμαρχος, τα μέλη του δημοτικού συμβουλίου, εκπρόσωποι των τοπικών οργανώσεων και πλήθος κατοίκων οι οποίοι επεφύλαξαν θερμήν υποδοχήν. Ακολούθως ο υπουργός επεσκέφθη τα σχολεία και τα δημοτικά καταστήματα και ηνημερώθη διά την πρόοδον των εργασιών.

ΑΘΗΝΑΙ, 14. — Ο υπουργός της κυβερνήσεως και επιτετραμμένος της δημόσιας τάξεως επεσκέφθη τον δήμον και συνεκέντρωσε τους κατοίκους εις την κεντρικήν πλατείαν όπου ωμίλησε περί των έργων τα οποία εκτελούνται και υπεσχέθη την ταχείαν αντιμετώπισιν των τοπικών θεμάτων. Η κυβέρνησις, είπε, παρακολουθεί με ιδιαίτερον ενδιαφέρον τα προβλήματα της περιοχής και θα διαθέση τα αναγκαία κονδύλια διά την αποπεράτωσιν των έργων ύδρεύσεως, αποχετεύσεως και οδοποιίας. Εις την συγκέντρωσιν παρέστησαν ο δήμαρχος, τα μέλη του δημοτικού συμβουλίου, εκπρόσωποι των τοπικών οργανώσεων και πλήθος κατοίκων οι οποίοι επεφύλαξαν θερμήν υποδοχήν. Ακολούθως ο υπουργός επεσκέφθη τα σχολεία και τα δημοτικά καταστήματα και ηνημερώθη διά την πρόοδον των εργασιών.

ΚΑΤΑΠΕΛΤΗΣ ΔΙΑ ΤΟΝ ΝΕΚΡΟΝ ΣΥΖΥΓΟΝ ΤΗΣ Η ΚΑΤΑΘΕΣΙΣ ΤΗΣ ΠΕΝΘΕΡΑΣ ΤΟΥ ΔΡΑΣΤΟΥ

ΑΘΗΝΑΙ, 14. — Ο υπουργός της κυβερνήσεως και επιτετραμμένος της δημόσιας τάξεως επεσκέφθη τον δήμον και συνεκέντρωσε τους κατοίκους εις την κεντρικήν πλατείαν όπου ωμίλησε περί των έργων τα οποία εκτελούνται και υπεσχέθη την ταχείαν αντιμετώπισιν των τοπικών θεμάτων. Η κυβέρνησις, είπε, παρακολουθεί με ιδιαίτερον ενδιαφέρον τα προβλήματα της περιοχής και θα διαθέση τα αναγκαία κονδύλια διά την αποπεράτωσιν των έργων ύδρεύσεως, αποχετεύσεως και οδοποιίας. Εις την συγκέντρωσιν παρέστησαν ο δήμαρχος, τα μέλη του δημοτικού συμβουλίου, εκπρόσωποι των τοπικών οργανώσεων και πλήθος κατοίκων οι οποίοι επεφύλαξαν θερμήν υποδοχήν. Ακολούθως ο υπουργός επεσκέφθη τα σχολεία και τα δημοτικά καταστήματα και ηνημερώθη διά την πρόοδον των εργασιών.

ΟΙ ΑΛΛΟΙ ΜΑΡΤΥΡΕΣ

ΑΘΗΝΑΙ, 14. — Ο υπουργός της κυβερνήσεως και επιτετραμμένος της δημόσιας τάξεως επεσκέφθη τον δήμον και συνεκέντρωσε τους κατοίκους εις την κεντρικήν πλατείαν όπου ωμίλησε περί των έργων τα οποία εκτελούνται και υπεσχέθη την ταχείαν αντιμετώπισιν των τοπικών θεμάτων. Η κυβέρνησις, είπε, παρακολουθεί με ιδιαίτερον ενδιαφέρον τα προβλήματα της περιοχής και θα διαθέση τα αναγκαία κονδύλια διά την αποπεράτωσιν των έργων ύδρεύσεως, αποχετεύσεως και οδοποιίας. Εις την συγκέντρωσιν παρέστησαν ο δήμαρχος, τα μέλη του δημοτικού συμβουλίου, εκπρόσωποι των τοπικών οργανώσεων και πλήθος κατοίκων οι οποίοι επεφύλαξαν θερμήν υποδοχήν. Ακολούθως ο υπουργός επεσκέφθη τα σχολεία και τα δημοτικά καταστήματα και ηνημερώθη διά την πρόοδον των εργασιών.

Ο ΚΑΤΗΓΟΡΟΥΜΕΝΟΣ

ΑΘΗΝΑΙ, 14. — Ο υπουργός της κυβερνήσεως και επιτετραμμένος της δημόσιας τάξεως επεσκέφθη τον δήμον και συνεκέντρωσε τους κατοίκους εις την κεντρικήν πλατείαν όπου ωμίλησε περί των έργων τα οποία εκτελούνται και υπεσχέθη την ταχείαν αντιμετώπισιν των τοπικών θεμάτων. Η κυβέρνησις, είπε, παρακολουθεί με ιδιαίτερον ενδιαφέρον τα προβλήματα της περιοχής και θα διαθέση τα αναγκαία κονδύλια διά την αποπεράτωσιν των έργων ύδρεύσεως, αποχετεύσεως και οδοποιίας. Εις την συγκέντρωσιν παρέστησαν ο δήμαρχος, τα μέλη του δημοτικού συμβουλίου, εκπρόσωποι των τοπικών οργανώσεων και πλήθος κατοίκων οι οποίοι επεφύλαξαν θερμήν υποδοχήν. Ακολούθως ο υπουργός επεσκέφθη τα σχολεία και τα δημοτικά καταστήματα και ηνημερώθη διά την πρόοδον των εργασιών.

Ο ΕΙΣΑΓΓΕΛΕΥΣ

ΑΘΗΝΑΙ, 14. — Ο υπουργός της κυβερνήσεως και επιτετραμμένος της δημόσιας τάξεως επεσκέφθη τον δήμον και συνεκέντρωσε τους κατοίκους εις την κεντρικήν πλατείαν όπου ωμίλησε περί των έργων τα οποία εκτελούνται και υπεσχέθη την ταχείαν αντιμετώπισιν των τοπικών θεμάτων. Η κυβέρνησις, είπε, παρακολουθεί με ιδιαίτερον ενδιαφέρον τα προβλήματα της περιοχής και θα διαθέση τα αναγκαία κονδύλια διά την αποπεράτωσιν των έργων ύδρεύσεως, αποχετεύσεως και οδοποιίας. Εις την συγκέντρωσιν παρέστησαν ο δήμαρχος, τα μέλη του δημοτικού συμβουλίου, εκπρόσωποι των τοπικών οργανώσεων και πλήθος κατοίκων οι οποίοι επεφύλαξαν θερμήν υποδοχήν. Ακολούθως ο υπουργός επεσκέφθη τα σχολεία και τα δημοτικά καταστήματα και ηνημερώθη διά την πρόοδον των εργασιών.

ΣΕΡΙΦΗΣ ΠΑΡΑ ΤΗΝ ΑΝΤΙΔΡΑΣΙΝ ΔΗΜΑΡΧΟΥ ΖΗΤΕΙ ΝΑ ΟΡΓΑΝΩΣΗ ΟΜΑΔΑΣ ΕΙΣ ΣΙΚΑΓΟΝ ΠΡΟΣ ΑΝΤΙΜΕΤΩΠΙΣΙΝ ΦΥΛΕΤΙΚΩΝ ΤΑΡΑΧΩΝ

ΑΘΗΝΑΙ, 14. — Ο υπουργός της κυβερνήσεως και επιτετραμμένος της δημόσιας τάξεως επεσκέφθη τον δήμον και συνεκέντρωσε τους κατοίκους εις την κεντρικήν πλατείαν όπου ωμίλησε περί των έργων τα οποία εκτελούνται και υπεσχέθη την ταχείαν αντιμετώπισιν των τοπικών θεμάτων. Η κυβέρνησις, είπε, παρακολουθεί με ιδιαίτερον ενδιαφέρον τα προβλήματα της περιοχής και θα διαθέση τα αναγκαία κονδύλια διά την αποπεράτωσιν των έργων ύδρεύσεως, αποχετεύσεως και οδοποιίας. Εις την συγκέντρωσιν παρέστησαν ο δήμαρχος, τα μέλη του δημοτικού συμβουλίου, εκπρόσωποι των τοπικών οργανώσεων και πλήθος κατοίκων οι οποίοι επεφύλαξαν θερμήν υποδοχήν. Ακολούθως ο υπουργός επεσκέφθη τα σχολεία και τα δημοτικά καταστήματα και ηνημερώθη διά την πρόοδον των εργασιών.

ΑΘΗΝΑΙ, 14. — Ο υπουργός της κυβερνήσεως και επιτετραμμένος της δημόσιας τάξεως επεσκέφθη τον δήμον και συνεκέντρωσε τους κατοίκους εις την κεντρικήν πλατείαν όπου ωμίλησε περί των έργων τα οποία εκτελούνται και υπεσχέθη την ταχείαν αντιμετώπισιν των τοπικών θεμάτων. Η κυβέρνησις, είπε, παρακολουθεί με ιδιαίτερον ενδιαφέρον τα προβλήματα της περιοχής και θα διαθέση τα αναγκαία κονδύλια διά την αποπεράτωσιν των έργων ύδρεύσεως, αποχετεύσεως και οδοποιίας. Εις την συγκέντρωσιν παρέστησαν ο δήμαρχος, τα μέλη του δημοτικού συμβουλίου, εκπρόσωποι των τοπικών οργανώσεων και πλήθος κατοίκων οι οποίοι επεφύλαξαν θερμήν υποδοχήν. Ακολούθως ο υπουργός επεσκέφθη τα σχολεία και τα δημοτικά καταστήματα και ηνημερώθη διά την πρόοδον των εργασιών.

Ο Κ. ΠΑΤΤΑΚΟΣ ΠΕΡΙΗΛΘΕ ΠΕΡΙΟΧΑΣ ΤΟΥ ΠΕΙΡΑΙΩΣ ΚΑΙ ΕΠΕΘΕΩΡΗΣΕΝ ΕΚΤΕΛΟΥΜΕΝΑ ΕΙΣ ΑΥΤΑΣ ΕΡΓΑ

ΑΘΗΝΑΙ, 14. — Ο υπουργός της κυβερνήσεως και επιτετραμμένος της δημόσιας τάξεως επεσκέφθη τον δήμον και συνεκέντρωσε τους κατοίκους εις την κεντρικήν πλατείαν όπου ωμίλησε περί των έργων τα οποία εκτελούνται και υπεσχέθη την ταχείαν αντιμετώπισιν των τοπικών θεμάτων. Η κυβέρνησις, είπε, παρακολουθεί με ιδιαίτερον ενδιαφέρον τα προβλήματα της περιοχής και θα διαθέση τα αναγκαία κονδύλια διά την αποπεράτωσιν των έργων ύδρεύσεως, αποχετεύσεως και οδοποιίας. Εις την συγκέντρωσιν παρέστησαν ο δήμαρχος, τα μέλη του δημοτικού συμβουλίου, εκπρόσωποι των τοπικών οργανώσεων και πλήθος κατοίκων οι οποίοι επεφύλαξαν θερμήν υποδοχήν. Ακολούθως ο υπουργός επεσκέφθη τα σχολεία και τα δημοτικά καταστήματα και ηνημερώθη διά την πρόοδον των εργασιών.

Σελίς 7
ΤΡΙΑΝΤΑ ΑΤΟΜΙΚΑΣ ΚΑΙ ΟΛΙΓΟΥΣ ΠΥΡΑΥΛΟΥΣ ΔΙΑΘΕΤΕΙ Η ΚΟΜΜΟΥΝΙΣΤΙΚΗ ΚΙΝΑ ΔΙΑ ΝΑ ΑΝΤΙΜΕΤΩΠΙΣΗ ΤΑΣ ΗΝ. ΠΟΛΙΤΕΙΑΣ

ΑΘΗΝΑΙ, 14. — Ο υπουργός της κυβερνήσεως και επιτετραμμένος της δημόσιας τάξεως επεσκέφθη τον δήμον και συνεκέντρωσε τους κατοίκους εις την κεντρικήν πλατείαν όπου ωμίλησε περί των έργων τα οποία εκτελούνται και υπεσχέθη την ταχείαν αντιμετώπισιν των τοπικών θεμάτων. Η κυβέρνησις, είπε, παρακολουθεί με ιδιαίτερον ενδιαφέρον τα προβλήματα της περιοχής και θα διαθέση τα αναγκαία κονδύλια διά την αποπεράτωσιν των έργων ύδρεύσεως, αποχετεύσεως και οδοποιίας. Εις την συγκέντρωσιν παρέστησαν ο δήμαρχος, τα μέλη του δημοτικού συμβουλίου, εκπρόσωποι των τοπικών οργανώσεων και πλήθος κατοίκων οι οποίοι επεφύλαξαν θερμήν υποδοχήν. Ακολούθως ο υπουργός επεσκέφθη τα σχολεία και τα δημοτικά καταστήματα και ηνημερώθη διά την πρόοδον των εργασιών.

ΑΘΗΝΑΙ, 14. — Ο υπουργός της κυβερνήσεως και επιτετραμμένος της δημόσιας τάξεως επεσκέφθη τον δήμον και συνεκέντρωσε τους κατοίκους εις την κεντρικήν πλατείαν όπου ωμίλησε περί των έργων τα οποία εκτελούνται και υπεσχέθη την ταχείαν αντιμετώπισιν των τοπικών θεμάτων. Η κυβέρνησις, είπε, παρακολουθεί με ιδιαίτερον ενδιαφέρον τα προβλήματα της περιοχής και θα διαθέση τα αναγκαία κονδύλια διά την αποπεράτωσιν των έργων ύδρεύσεως, αποχετεύσεως και οδοποιίας. Εις την συγκέντρωσιν παρέστησαν ο δήμαρχος, τα μέλη του δημοτικού συμβουλίου, εκπρόσωποι των τοπικών οργανώσεων και πλήθος κατοίκων οι οποίοι επεφύλαξαν θερμήν υποδοχήν. Ακολούθως ο υπουργός επεσκέφθη τα σχολεία και τα δημοτικά καταστήματα και ηνημερώθη διά την πρόοδον των εργασιών.

Η ΚΙΝΕΖΙΚΗ ΙΣΧΥΣ

ΑΘΗΝΑΙ, 14. — Ο υπουργός της κυβερνήσεως και επιτετραμμένος της δημόσιας τάξεως επεσκέφθη τον δήμον και συνεκέντρωσε τους κατοίκους εις την κεντρικήν πλατείαν όπου ωμίλησε περί των έργων τα οποία εκτελούνται και υπεσχέθη την ταχείαν αντιμετώπισιν των τοπικών θεμάτων. Η κυβέρνησις, είπε, παρακολουθεί με ιδιαίτερον ενδιαφέρον τα προβλήματα της περιοχής και θα διαθέση τα αναγκαία κονδύλια διά την αποπεράτωσιν των έργων ύδρεύσεως, αποχετεύσεως και οδοποιίας. Εις την συγκέντρωσιν παρέστησαν ο δήμαρχος, τα μέλη του δημοτικού συμβουλίου, εκπρόσωποι των τοπικών οργανώσεων και πλήθος κατοίκων οι οποίοι επεφύλαξαν θερμήν υποδοχήν. Ακολούθως ο υπουργός επεσκέφθη τα σχολεία και τα δημοτικά καταστήματα και ηνημερώθη διά την πρόοδον των εργασιών.

ΑΘΗΝΑΙ, 14. — Ο υπουργός της κυβερνήσεως και επιτετραμμένος της δημόσιας τάξεως επεσκέφθη τον δήμον και συνεκέντρωσε τους κατοίκους εις την κεντρικήν πλατείαν όπου ωμίλησε περί των έργων τα οποία εκτελούνται και υπεσχέθη την ταχείαν αντιμετώπισιν των τοπικών θεμάτων. Η κυβέρνησις, είπε, παρακολουθεί με ιδιαίτερον ενδιαφέρον τα προβλήματα της περιοχής και θα διαθέση τα αναγκαία κονδύλια διά την αποπεράτωσιν των έργων ύδρεύσεως, αποχετεύσεως και οδοποιίας. Εις την συγκέντρωσιν παρέστησαν ο δήμαρχος, τα μέλη του δημοτικού συμβουλίου, εκπρόσωποι των τοπικών οργανώσεων και πλήθος κατοίκων οι οποίοι επεφύλαξαν θερμήν υποδοχήν. Ακολούθως ο υπουργός επεσκέφθη τα σχολεία και τα δημοτικά καταστήματα και ηνημερώθη διά την πρόοδον των εργασιών.

ΑΘΗΝΑΙ, 14. — Ο υπουργός της κυβερνήσεως και επιτετραμμένος της δημόσιας τάξεως επεσκέφθη τον δήμον και συνεκέντρωσε τους κατοίκους εις την κεντρικήν πλατείαν όπου ωμίλησε περί των έργων τα οποία εκτελούνται και υπεσχέθη την ταχείαν αντιμετώπισιν των τοπικών θεμάτων. Η κυβέρνησις, είπε, παρακολουθεί με ιδιαίτερον ενδιαφέρον τα προβλήματα της περιοχής και θα διαθέση τα αναγκαία κονδύλια διά την αποπεράτωσιν των έργων ύδρεύσεως, αποχετεύσεως και οδοποιίας. Εις την συγκέντρωσιν παρέστησαν ο δήμαρχος, τα μέλη του δημοτικού συμβουλίου, εκπρόσωποι των τοπικών οργανώσεων και πλήθος κατοίκων οι οποίοι επεφύλαξαν θερμήν υποδοχήν. Ακολούθως ο υπουργός επεσκέφθη τα σχολεία και τα δημοτικά καταστήματα και ηνημερώθη διά την πρόοδον των εργασιών.

ΜΑΚΡΟΠΝΟΟΝ ΠΡΟΓΡΑΜΜΑ ΑΝΑΠΤΥΞΕΩΣ ΠΡΟΣ ΕΝΙΣΧΥΣΙΝ ΤΩΝ ΔΗΜΩΝ ΤΩΝ ΘΕΣΠΙΖΕΙ ΤΗΝ ΕΦΑΡΜΟΓΗΝ ΑΙ ΗΝΩΜ. ΠΟΛΙΤΕΙΑΙ

ΑΘΗΝΑΙ, 14. — Ο υπουργός της κυβερνήσεως και επιτετραμμένος της δημόσιας τάξεως επεσκέφθη τον δήμον και συνεκέντρωσε τους κατοίκους εις την κεντρικήν πλατείαν όπου ωμίλησε περί των έργων τα οποία εκτελούνται και υπεσχέθη την ταχείαν αντιμετώπισιν των τοπικών θεμάτων. Η κυβέρνησις, είπε, παρακολουθεί με ιδιαίτερον ενδιαφέρον τα προβλήματα της περιοχής και θα διαθέση τα αναγκαία κονδύλια διά την αποπεράτωσιν των έργων ύδρεύσεως, αποχετεύσεως και οδοποιίας. Εις την συγκέντρωσιν παρέστησαν ο δήμαρχος, τα μέλη του δημοτικού συμβουλίου, εκπρόσωποι των τοπικών οργανώσεων και πλήθος κατοίκων οι οποίοι επεφύλαξαν θερμήν υποδοχήν. Ακολούθως ο υπουργός επεσκέφθη τα σχολεία και τα δημοτικά καταστήματα και ηνημερώθη διά την πρόοδον των εργασιών.

ΑΘΗΝΑΙ, 14. — Ο υπουργός της κυβερνήσεως και επιτετραμμένος της δημόσιας τάξεως επεσκέφθη τον δήμον και συνεκέντρωσε τους κατοίκους εις την κεντρικήν πλατείαν όπου ωμίλησε περί των έργων τα οποία εκτελούνται και υπεσχέθη την ταχείαν αντιμετώπισιν των τοπικών θεμάτων. Η κυβέρνησις, είπε, παρακολουθεί με ιδιαίτερον ενδιαφέρον τα προβλήματα της περιοχής και θα διαθέση τα αναγκαία κονδύλια διά την αποπεράτωσιν των έργων ύδρεύσεως, αποχετεύσεως και οδοποιίας. Εις την συγκέντρωσιν παρέστησαν ο δήμαρχος, τα μέλη του δημοτικού συμβουλίου, εκπρόσωποι των τοπικών οργανώσεων και πλήθος κατοίκων οι οποίοι επεφύλαξαν θερμήν υποδοχήν. Ακολούθως ο υπουργός επεσκέφθη τα σχολεία και τα δημοτικά καταστήματα και ηνημερώθη διά την πρόοδον των εργασιών.

ΑΘΗΝΑΙ, 14. — Ο υπουργός της κυβερνήσεως και επιτετραμμένος της δημόσιας τάξεως επεσκέφθη τον δήμον και συνεκέντρωσε τους κατοίκους εις την κεντρικήν πλατείαν όπου ωμίλησε περί των έργων τα οποία εκτελούνται και υπεσχέθη την ταχείαν αντιμετώπισιν των τοπικών θεμάτων. Η κυβέρνησις, είπε, παρακολουθεί με ιδιαίτερον ενδιαφέρον τα προβλήματα της περιοχής και θα διαθέση τα αναγκαία κονδύλια διά την αποπεράτωσιν των έργων ύδρεύσεως, αποχετεύσεως και οδοποιίας. Εις την συγκέντρωσιν παρέστησαν ο δήμαρχος, τα μέλη του δημοτικού συμβουλίου, εκπρόσωποι των τοπικών οργανώσεων και πλήθος κατοίκων οι οποίοι επεφύλαξαν θερμήν υποδοχήν. Ακολούθως ο υπουργός επεσκέφθη τα σχολεία και τα δημοτικά καταστήματα και ηνημερώθη διά την πρόοδον των εργασιών.

ΑΘΗΝΑΙ, 14. — Ο υπουργός της κυβερνήσεως και επιτετραμμένος της δημόσιας τάξεως επεσκέφθη τον δήμον και συνεκέντρωσε τους κατοίκους εις την κεντρικήν πλατείαν όπου ωμίλησε περί των έργων τα οποία εκτελούνται και υπεσχέθη την ταχείαν αντιμετώπισιν των τοπικών θεμάτων. Η κυβέρνησις, είπε, παρακολουθεί με ιδιαίτερον ενδιαφέρον τα προβλήματα της περιοχής και θα διαθέση τα αναγκαία κονδύλια διά την αποπεράτωσιν των έργων ύδρεύσεως, αποχετεύσεως και οδοποιίας. Εις την συγκέντρωσιν παρέστησαν ο δήμαρχος, τα μέλη του δημοτικού συμβουλίου, εκπρόσωποι των τοπικών οργανώσεων και πλήθος κατοίκων οι οποίοι επεφύλαξαν θερμήν υποδοχήν. Ακολούθως ο υπουργός επεσκέφθη τα σχολεία και τα δημοτικά καταστήματα και ηνημερώθη διά την πρόοδον των εργασιών.

ΑΘΗΝΑΙ, 14. — Ο υπουργός της κυβερνήσεως και επιτετραμμένος της δημόσιας τάξεως επεσκέφθη τον δήμον και συνεκέντρωσε τους κατοίκους εις την κεντρικήν πλατείαν όπου ωμίλησε περί των έργων τα οποία εκτελούνται και υπεσχέθη την ταχείαν αντιμετώπισιν των τοπικών θεμάτων. Η κυβέρνησις, είπε, παρακολουθεί με ιδιαίτερον ενδιαφέρον τα προβλήματα της περιοχής και θα διαθέση τα αναγκαία κονδύλια διά την αποπεράτωσιν των έργων ύδρεύσεως, αποχετεύσεως και οδοποιίας. Εις την συγκέντρωσιν παρέστησαν ο δήμαρχος, τα μέλη του δημοτικού συμβουλίου, εκπρόσωποι των τοπικών οργανώσεων και πλήθος κατοίκων οι οποίοι επεφύλαξαν θερμήν υποδοχήν. Ακολούθως ο υπουργός επεσκέφθη τα σχολεία και τα δημοτικά καταστήματα και ηνημερώθη διά την πρόοδον των εργασιών.

ΔΙΑΨΕΥΔΟΝΤΑΙ ΑΙ ΠΛΗΡΟΦΟΡΙΑΙ ΠΕΡΙ ΕΠΙΣΚΕΨΕΩΣ ΔΥΤΙΚΟΓΕΡΜΑΝΟΥ ΥΠΟΥΡΓΟΥ ΕΙΣ ΤΗΝ ΑΙΓΥΠΤΟΝ

ΑΘΗΝΑΙ, 14. — Ο υπουργός της κυβερνήσεως και επιτετραμμένος της δημόσιας τάξεως επεσκέφθη τον δήμον και συνεκέντρωσε τους κατοίκους εις την κεντρικήν πλατείαν όπου ωμίλησε περί των έργων τα οποία εκτελούνται και υπεσχέθη την ταχείαν αντιμετώπισιν των τοπικών θεμάτων. Η κυβέρνησις, είπε, παρακολουθεί με ιδιαίτερον ενδιαφέρον τα προβλήματα της περιοχής και θα διαθέση τα αναγκαία κονδύλια διά την αποπεράτωσιν των έργων ύδρεύσεως, αποχετεύσεως και οδοποιίας. Εις την συγκέντρωσιν παρέστησαν ο δήμαρχος, τα μέλη του δημοτικού συμβουλίου, εκπρόσωποι των τοπικών οργανώσεων και πλήθος κατοίκων οι οποίοι επεφύλαξαν θερμήν υποδοχήν. Ακολούθως ο υπουργός επεσκέφθη τα σχολεία και τα δημοτικά καταστήματα και ηνημερώθη διά την πρόοδον των εργασιών.

ΥΓΡΑΙ ΠΕΡΙΟΧΑΙ ΜΕ ΥΨΗΛΗΝ ΘΕΡΜΟΚΡΑΣΙΑΝ ΕΝΔΕΧΕΤΑΙ ΝΑ ΥΠΑΡΧΟΥΝ ΕΙΣ ΤΗΝ ΣΕΛΗΝΗΝ

ΑΘΗΝΑΙ, 14. — Ο υπουργός της κυβερνήσεως και επιτετραμμένος της δημόσιας τάξεως επεσκέφθη τον δήμον και συνεκέντρωσε τους κατοίκους εις την κεντρικήν πλατείαν όπου ωμίλησε περί των έργων τα οποία εκτελούνται και υπεσχέθη την ταχείαν αντιμετώπισιν των τοπικών θεμάτων. Η κυβέρνησις, είπε, παρακολουθεί με ιδιαίτερον ενδιαφέρον τα προβλήματα της περιοχής και θα διαθέση τα αναγκαία κονδύλια διά την αποπεράτωσιν των έργων ύδρεύσεως, αποχετεύσεως και οδοποιίας. Εις την συγκέντρωσιν παρέστησαν ο δήμαρχος, τα μέλη του δημοτικού συμβουλίου, εκπρόσωποι των τοπικών οργανώσεων και πλήθος κατοίκων οι οποίοι επεφύλαξαν θερμήν υποδοχήν. Ακολούθως ο υπουργός επεσκέφθη τα σχολεία και τα δημοτικά καταστήματα και ηνημερώθη διά την πρόοδον των εργασιών.

ΑΘΗΝΑΙ, 14. — Ο υπουργός της κυβερνήσεως και επιτετραμμένος της δημόσιας τάξεως επεσκέφθη τον δήμον και συνεκέντρωσε τους κατοίκους εις την κεντρικήν πλατείαν όπου ωμίλησε περί των έργων τα οποία εκτελούνται και υπεσχέθη την ταχείαν αντιμετώπισιν των τοπικών θεμάτων. Η κυβέρνησις, είπε, παρακολουθεί με ιδιαίτερον ενδιαφέρον τα προβλήματα της περιοχής και θα διαθέση τα αναγκαία κονδύλια διά την αποπεράτωσιν των έργων ύδρεύσεως, αποχετεύσεως και οδοποιίας. Εις την συγκέντρωσιν παρέστησαν ο δήμαρχος, τα μέλη του δημοτικού συμβουλίου, εκπρόσωποι των τοπικών οργανώσεων και πλήθος κατοίκων οι οποίοι επεφύλαξαν θερμήν υποδοχήν. Ακολούθως ο υπουργός επεσκέφθη τα σχολεία και τα δημοτικά καταστήματα και ηνημερώθη διά την πρόοδον των εργασιών.

Η ΑΦΡΟΔΙΤΗ

ΑΘΗΝΑΙ, 14. — Ο υπουργός της κυβερνήσεως και επιτετραμμένος της δημόσιας τάξεως επεσκέφθη τον δήμον και συνεκέντρωσε τους κατοίκους εις την κεντρικήν πλατείαν όπου ωμίλησε περί των έργων τα οποία εκτελούνται και υπεσχέθη την ταχείαν αντιμετώπισιν των τοπικών θεμάτων. Η κυβέρνησις, είπε, παρακολουθεί με ιδιαίτερον ενδιαφέρον τα προβλήματα της περιοχής και θα διαθέση τα αναγκαία κονδύλια διά την αποπεράτωσιν των έργων ύδρεύσεως, αποχετεύσεως και οδοποιίας. Εις την συγκέντρωσιν παρέστησαν ο δήμαρχος, τα μέλη του δημοτικού συμβουλίου, εκπρόσωποι των τοπικών οργανώσεων και πλήθος κατοίκων οι οποίοι επεφύλαξαν θερμήν υποδοχήν. Ακολούθως ο υπουργός επεσκέφθη τα σχολεία και τα δημοτικά καταστήματα και ηνημερώθη διά την πρόοδον των εργασιών.

ΣΥΝΕΧΙΖΕΤΑΙ ΕΙΣ ΤΟ ΣΤΡΑΤΟΔΙΚΕΙΟΝ ΚΑΪΡΟΥ Η ΔΙΚΗ ΤΩΝ ΣΥΛΛΗΦΘΕΝΤΩΝ 54 ΣΥΝΩΜΟΤΩΝ

ΑΘΗΝΑΙ, 14. — Ο υπουργός της κυβερνήσεως και επιτετραμμένος της δημόσιας τάξεως επεσκέφθη τον δήμον και συνεκέντρωσε τους κατοίκους εις την κεντρικήν πλατείαν όπου ωμίλησε περί των έργων τα οποία εκτελούνται και υπεσχέθη την ταχείαν αντιμετώπισιν των τοπικών θεμάτων. Η κυβέρνησις, είπε, παρακολουθεί με ιδιαίτερον ενδιαφέρον τα προβλήματα της περιοχής και θα διαθέση τα αναγκαία κονδύλια διά την αποπεράτωσιν των έργων ύδρεύσεως, αποχετεύσεως και οδοποιίας. Εις την συγκέντρωσιν παρέστησαν ο δήμαρχος, τα μέλη του δημοτικού συμβουλίου, εκπρόσωποι των τοπικών οργανώσεων και πλήθος κατοίκων οι οποίοι επεφύλαξαν θερμήν υποδοχήν. Ακολούθως ο υπουργός επεσκέφθη τα σχολεία και τα δημοτικά καταστήματα και ηνημερώθη διά την πρόοδον των εργασιών.
